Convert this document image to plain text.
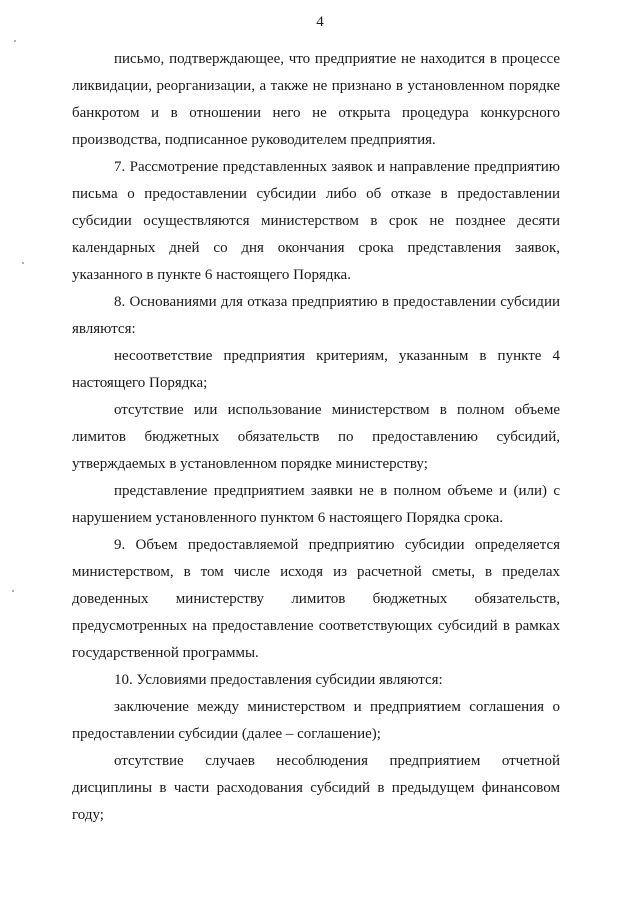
4
письмо, подтверждающее, что предприятие не находится в процессе
ликвидации, реорганизации, а также не признано в установленном порядке
банкротом и в отношении него не открыта процедура конкурсного
производства, подписанное руководителем предприятия.
7. Рассмотрение представленных заявок и направление предприятию
письма о предоставлении субсидии либо об отказе в предоставлении
субсидии осуществляются министерством в срок не позднее десяти
календарных дней со дня окончания срока представления заявок,
указанного в пункте 6 настоящего Порядка.
8. Основаниями для отказа предприятию в предоставлении субсидии
являются:
несоответствие предприятия критериям, указанным в пункте 4
настоящего Порядка;
отсутствие или использование министерством в полном объеме
лимитов бюджетных обязательств по предоставлению субсидий,
утверждаемых в установленном порядке министерству;
представление предприятием заявки не в полном объеме и (или) с
нарушением установленного пунктом 6 настоящего Порядка срока.
9. Объем предоставляемой предприятию субсидии определяется
министерством, в том числе исходя из расчетной сметы, в пределах
доведенных министерству лимитов бюджетных обязательств,
предусмотренных на предоставление соответствующих субсидий в рамках
государственной программы.
10. Условиями предоставления субсидии являются:
заключение между министерством и предприятием соглашения о
предоставлении субсидии (далее – соглашение);
отсутствие случаев несоблюдения предприятием отчетной
дисциплины в части расходования субсидий в предыдущем финансовом
году;
